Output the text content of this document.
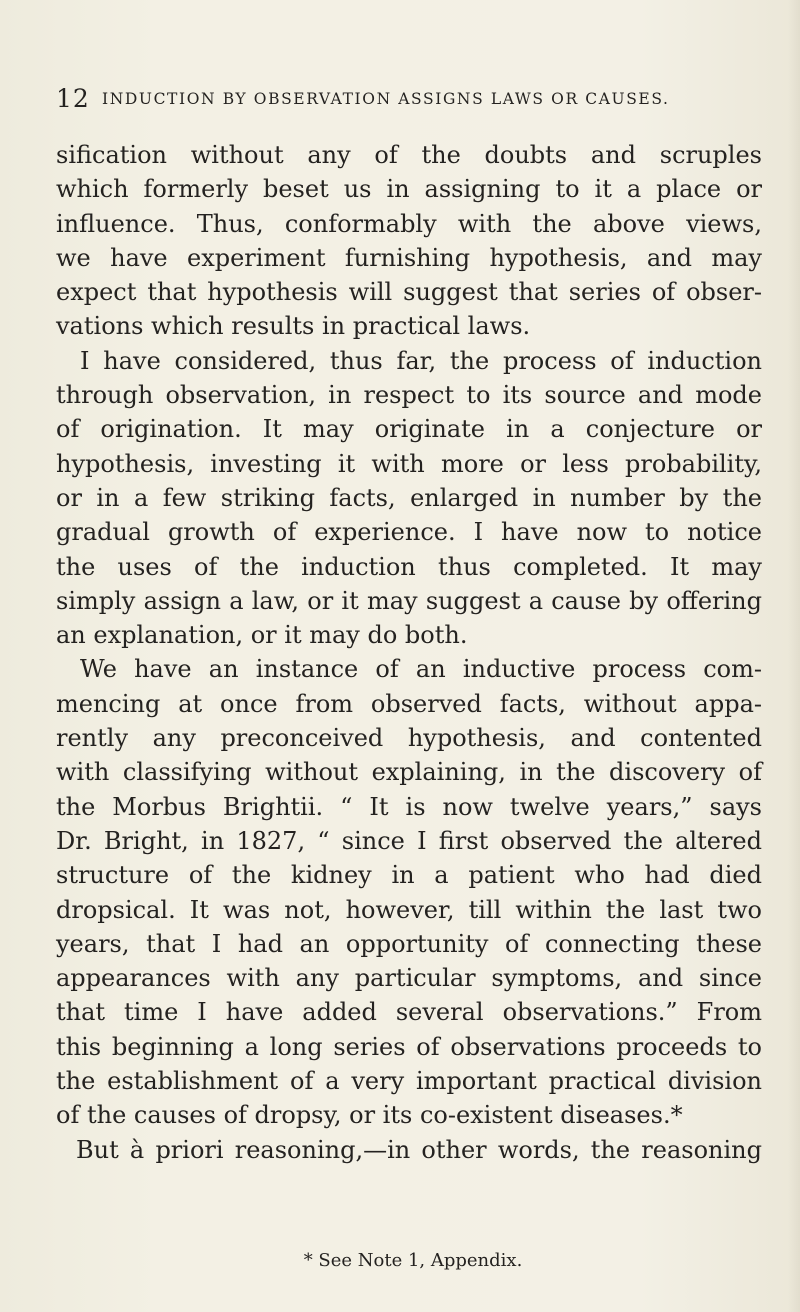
12 INDUCTION BY OBSERVATION ASSIGNS LAWS OR CAUSES.
sification without any of the doubts and scruples
which formerly beset us in assigning to it a place or
influence. Thus, conformably with the above views,
we have experiment furnishing hypothesis, and may
expect that hypothesis will suggest that series of obser-
vations which results in practical laws.
I have considered, thus far, the process of induction
through observation, in respect to its source and mode
of origination. It may originate in a conjecture or
hypothesis, investing it with more or less probability,
or in a few striking facts, enlarged in number by the
gradual growth of experience. I have now to notice
the uses of the induction thus completed. It may
simply assign a law, or it may suggest a cause by offering
an explanation, or it may do both.
We have an instance of an inductive process com-
mencing at once from observed facts, without appa-
rently any preconceived hypothesis, and contented
with classifying without explaining, in the discovery of
the Morbus Brightii. “ It is now twelve years,” says
Dr. Bright, in 1827, “ since I first observed the altered
structure of the kidney in a patient who had died
dropsical. It was not, however, till within the last two
years, that I had an opportunity of connecting these
appearances with any particular symptoms, and since
that time I have added several observations.” From
this beginning a long series of observations proceeds to
the establishment of a very important practical division
of the causes of dropsy, or its co-existent diseases.*
But à priori reasoning,—in other words, the reasoning
* See Note 1, Appendix.
